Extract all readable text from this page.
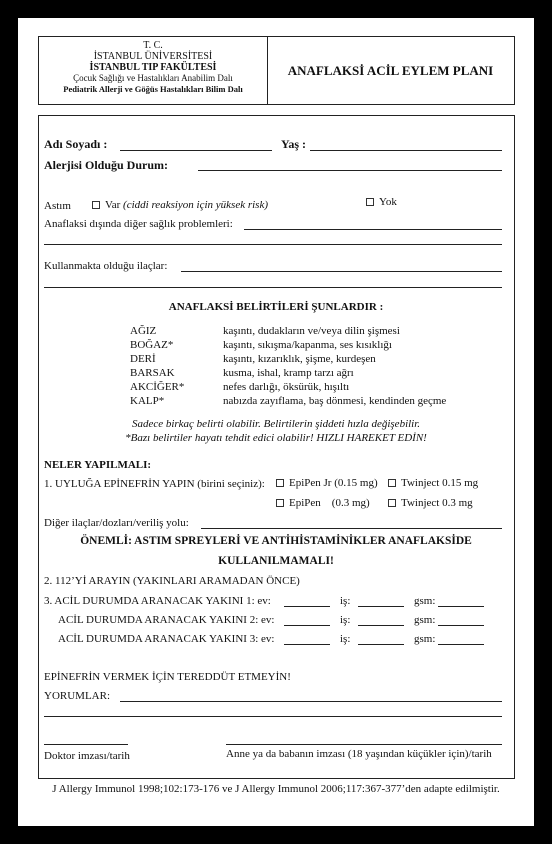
T. C.
İSTANBUL ÜNİVERSİTESİ
İSTANBUL TIP FAKÜLTESİ
Çocuk Sağlığı ve Hastalıkları Anabilim Dalı
Pediatrik Allerji ve Göğüs Hastalıkları Bilim Dalı
ANAFLAKSİ ACİL EYLEM PLANI
Adı Soyadı :	Yaş :
Alerjisi Olduğu Durum:
Astım	Var (ciddi reaksiyon için yüksek risk)	Yok
Anaflaksi dışında diğer sağlık problemleri:
Kullanmakta olduğu ilaçlar:
ANAFLAKSİ BELİRTİLERİ ŞUNLARDIR :
AĞIZ	kaşıntı, dudakların ve/veya dilin şişmesi
BOĞAZ*	kaşıntı, sıkışma/kapanma, ses kısıklığı
DERİ	kaşıntı, kızarıklık, şişme, kurdeşen
BARSAK	kusma, ishal, kramp tarzı ağrı
AKCİĞER*	nefes darlığı, öksürük, hışıltı
KALP*	nabızda zayıflama, baş dönmesi, kendinden geçme
Sadece birkaç belirti olabilir. Belirtilerin şiddeti hızla değişebilir.
*Bazı belirtiler hayatı tehdit edici olabilir! HIZLI HAREKET EDİN!
NELER YAPILMALI:
1. UYLUĞA EPİNEFRİN YAPIN (birini seçiniz):	EpiPen Jr (0.15 mg)	Twinject 0.15 mg
EpiPen    (0.3 mg)	Twinject 0.3 mg
Diğer ilaçlar/dozları/veriliş yolu:
ÖNEMLİ: ASTIM SPREYLERİ VE ANTİHİSTAMİNİKLER ANAFLAKSİDE
KULLANILMAMALI!
2. 112’Yİ ARAYIN (YAKINLARI ARAMADAN ÖNCE)
3. ACİL DURUMDA ARANACAK YAKINI 1: ev:	iş:	gsm:
ACİL DURUMDA ARANACAK YAKINI 2: ev:	iş:	gsm:
ACİL DURUMDA ARANACAK YAKINI 3: ev:	iş:	gsm:
EPİNEFRİN VERMEK İÇİN TEREDDÜT ETMEYİN!
YORUMLAR:
Doktor imzası/tarih	Anne ya da babanın imzası (18 yaşından küçükler için)/tarih
J Allergy Immunol 1998;102:173-176 ve J Allergy Immunol 2006;117:367-377’den adapte edilmiştir.
